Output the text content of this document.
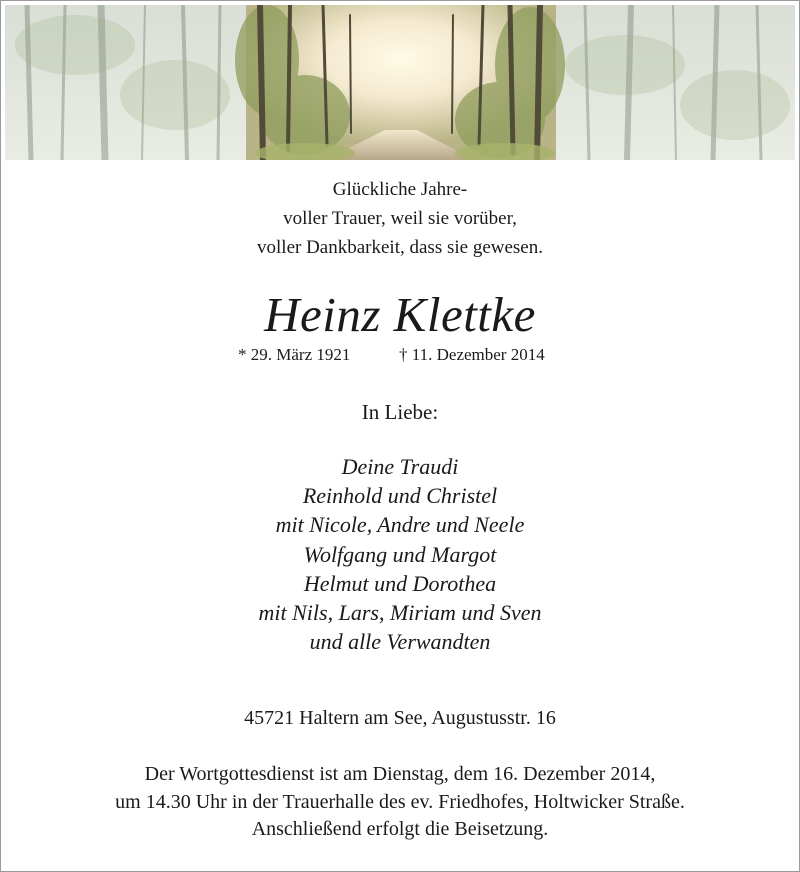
Glückliche Jahre-
voller Trauer, weil sie vorüber,
voller Dankbarkeit, dass sie gewesen.
Heinz Klettke
* 29. März 1921	† 11. Dezember 2014
In Liebe:
Deine Traudi
Reinhold und Christel
mit Nicole, Andre und Neele
Wolfgang und Margot
Helmut und Dorothea
mit Nils, Lars, Miriam und Sven
und alle Verwandten
45721 Haltern am See, Augustusstr. 16
Der Wortgottesdienst ist am Dienstag, dem 16. Dezember 2014,
um 14.30 Uhr in der Trauerhalle des ev. Friedhofes, Holtwicker Straße.
Anschließend erfolgt die Beisetzung.
